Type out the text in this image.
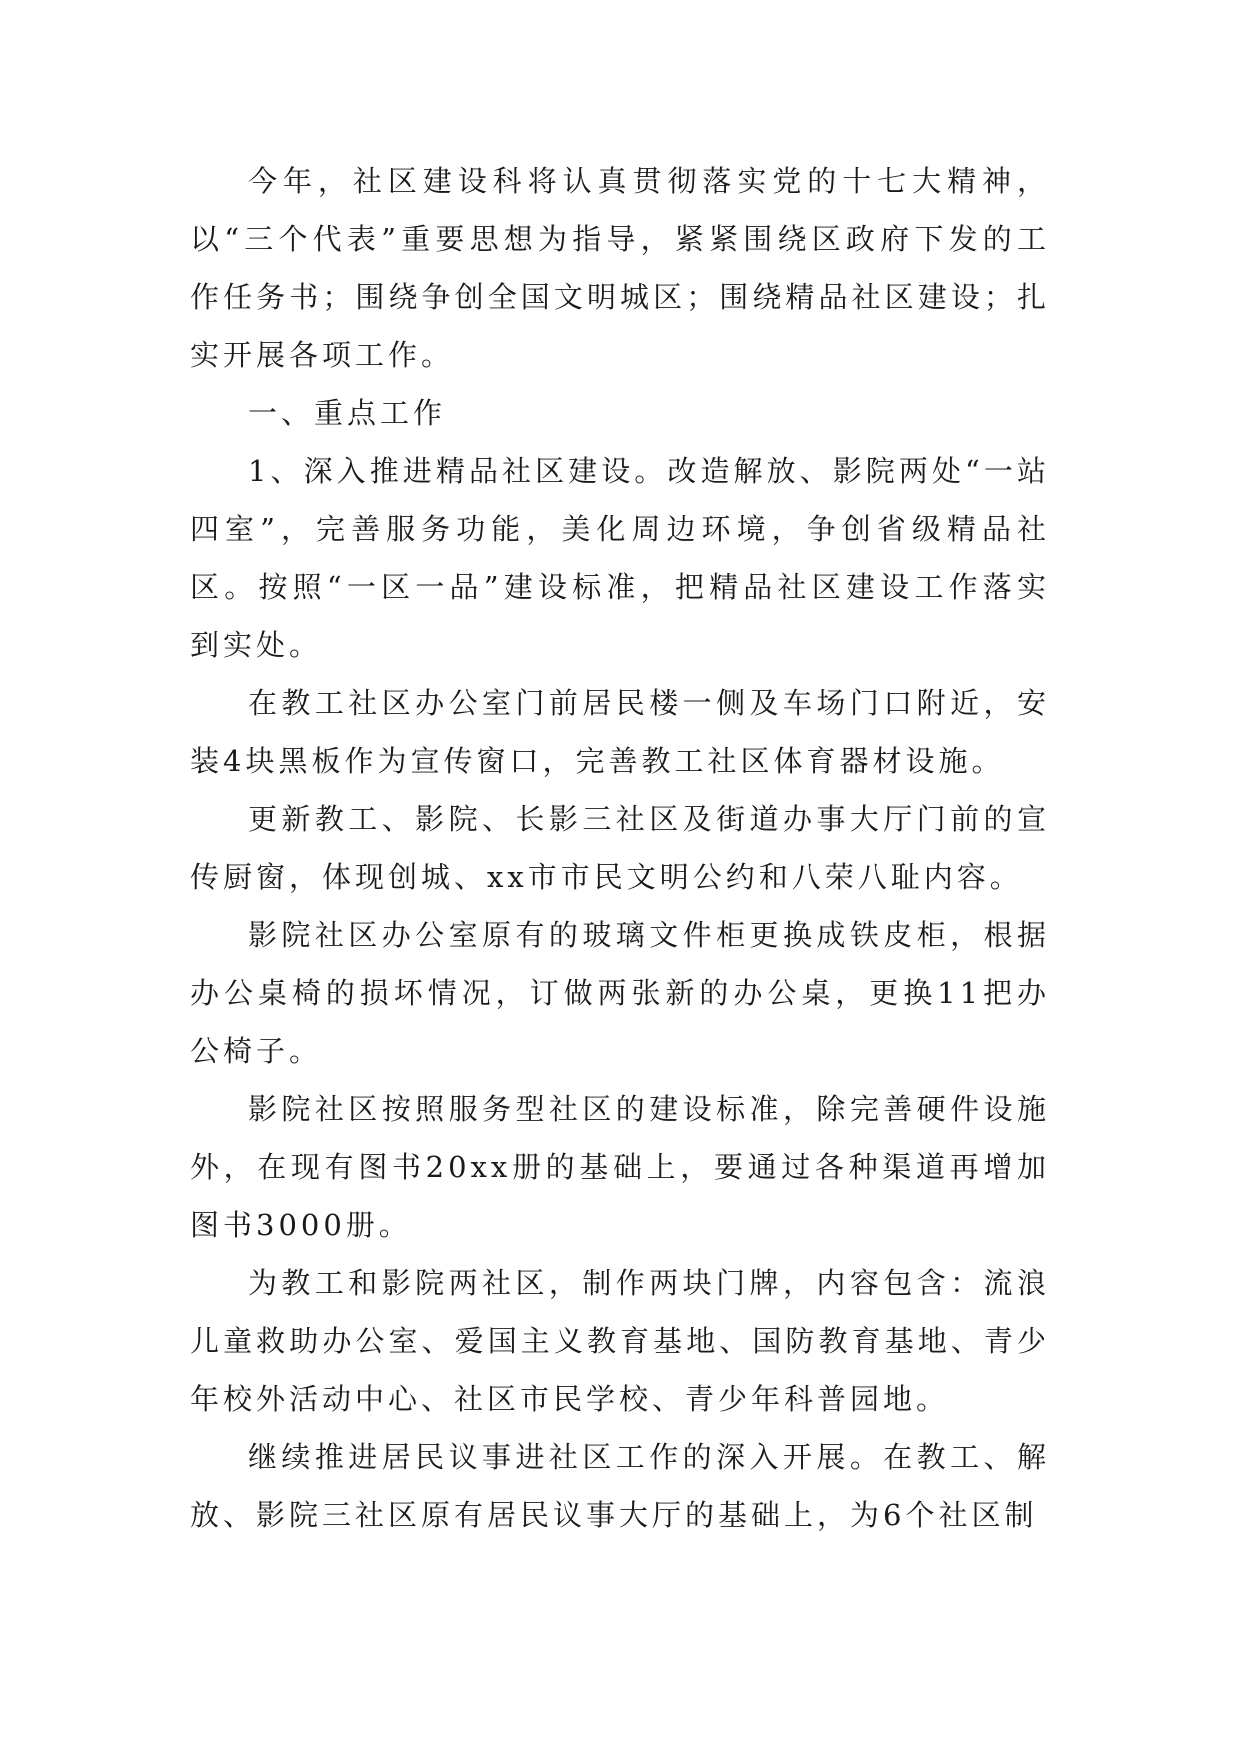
今年，社区建设科将认真贯彻落实党的十七大精神，以“三个代表”重要思想为指导，紧紧围绕区政府下发的工作任务书；围绕争创全国文明城区；围绕精品社区建设；扎实开展各项工作。

一、重点工作

1、深入推进精品社区建设。改造解放、影院两处“一站四室”，完善服务功能，美化周边环境，争创省级精品社区。按照“一区一品”建设标准，把精品社区建设工作落实到实处。

在教工社区办公室门前居民楼一侧及车场门口附近，安装4块黑板作为宣传窗口，完善教工社区体育器材设施。

更新教工、影院、长影三社区及街道办事大厅门前的宣传厨窗，体现创城、xx市市民文明公约和八荣八耻内容。

影院社区办公室原有的玻璃文件柜更换成铁皮柜，根据办公桌椅的损坏情况，订做两张新的办公桌，更换11把办公椅子。

影院社区按照服务型社区的建设标准，除完善硬件设施外，在现有图书20xx册的基础上，要通过各种渠道再增加图书3000册。

为教工和影院两社区，制作两块门牌，内容包含：流浪儿童救助办公室、爱国主义教育基地、国防教育基地、青少年校外活动中心、社区市民学校、青少年科普园地。

继续推进居民议事进社区工作的深入开展。在教工、解放、影院三社区原有居民议事大厅的基础上，为6个社区制
